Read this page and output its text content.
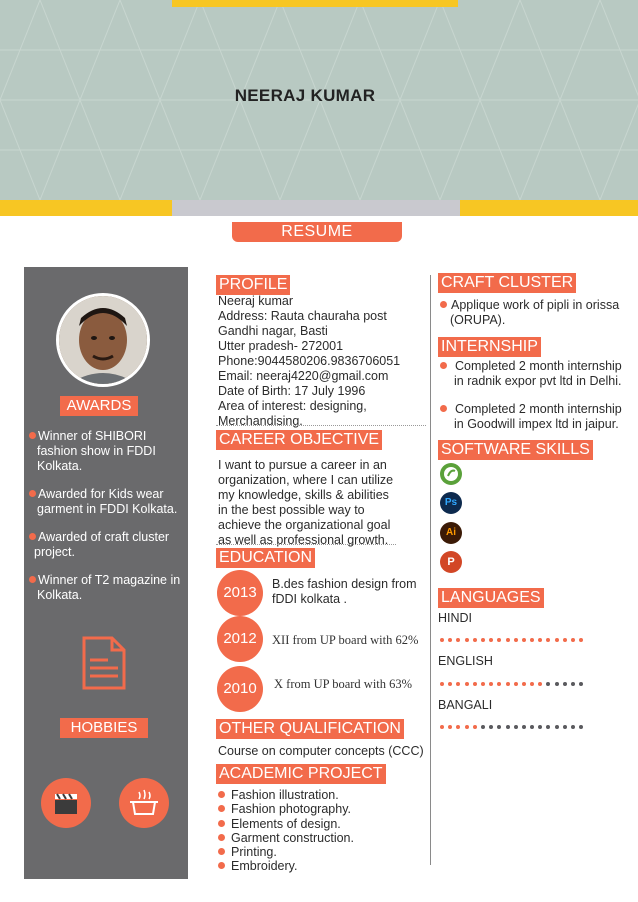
NEERAJ KUMAR
RESUME
AWARDS
Winner of SHIBORI
fashion show in FDDI
Kolkata.
Awarded for Kids wear
garment in FDDI Kolkata.
Awarded of craft cluster
project.
Winner of T2 magazine in
Kolkata.
HOBBIES
PROFILE
Neeraj kumar
Address: Rauta chauraha post
Gandhi nagar, Basti
Utter pradesh- 272001
Phone:9044580206.9836706051
Email: neeraj4220@gmail.com
Date of Birth: 17 July 1996
Area of interest: designing,
Merchandising.
CAREER OBJECTIVE
I want to pursue a career in an
organization, where I can utilize
my knowledge, skills & abilities
in the best possible way to
achieve the organizational goal
as well as professional growth.
EDUCATION
2013	B.des fashion design from
fDDI kolkata .
2012	XII from UP board with 62%
2010	X from UP board with 63%
OTHER QUALIFICATION
Course on computer concepts (CCC)
ACADEMIC PROJECT
Fashion illustration.
Fashion photography.
Elements of design.
Garment construction.
Printing.
Embroidery.
CRAFT CLUSTER
Applique work of pipli in orissa
(ORUPA).
INTERNSHIP
Completed 2 month internship
in radnik expor pvt ltd in Delhi.
Completed 2 month internship
in Goodwill impex ltd in jaipur.
SOFTWARE SKILLS
Ps
Ai
P
LANGUAGES
HINDI
ENGLISH
BANGALI
